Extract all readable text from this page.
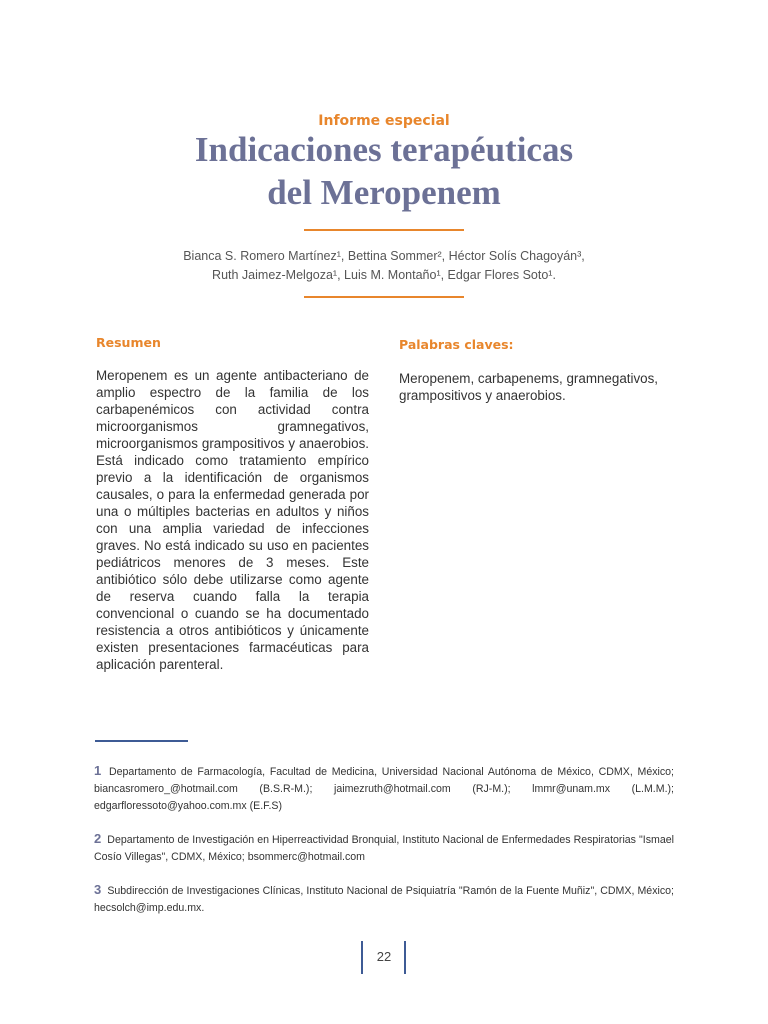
Informe especial
Indicaciones terapéuticas
del Meropenem
Bianca S. Romero Martínez¹, Bettina Sommer², Héctor Solís Chagoyán³,
Ruth Jaimez-Melgoza¹, Luis M. Montaño¹, Edgar Flores Soto¹.
Resumen

Meropenem es un agente antibacteriano de amplio espectro de la familia de los carbapenémicos con actividad contra microorganismos gramnegativos, microorganismos grampositivos y anaerobios. Está indicado como tratamiento empírico previo a la identificación de organismos causales, o para la enfermedad generada por una o múltiples bacterias en adultos y niños con una amplia variedad de infecciones graves. No está indicado su uso en pacientes pediátricos menores de 3 meses. Este antibiótico sólo debe utilizarse como agente de reserva cuando falla la terapia convencional o cuando se ha documentado resistencia a otros antibióticos y únicamente existen presentaciones farmacéuticas para aplicación parenteral.

Palabras claves:

Meropenem, carbapenems, gramnegativos, grampositivos y anaerobios.

1 Departamento de Farmacología, Facultad de Medicina, Universidad Nacional Autónoma de México, CDMX, México; biancasromero_@hotmail.com (B.S.R-M.); jaimezruth@hotmail.com (RJ-M.); lmmr@unam.mx (L.M.M.); edgarfloressoto@yahoo.com.mx (E.F.S)
2 Departamento de Investigación en Hiperreactividad Bronquial, Instituto Nacional de Enfermedades Respiratorias "Ismael Cosío Villegas", CDMX, México; bsommerc@hotmail.com
3 Subdirección de Investigaciones Clínicas, Instituto Nacional de Psiquiatría "Ramón de la Fuente Muñiz", CDMX, México; hecsolch@imp.edu.mx.
22
